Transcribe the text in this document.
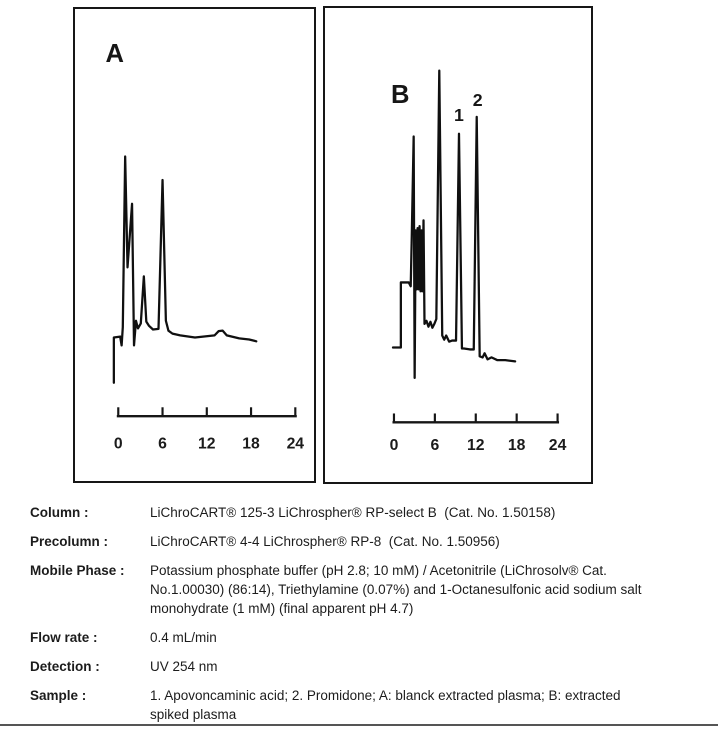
0 6 12 18 24
A
0 6 12 18 24
B
1
2
Column :	LiChroCART® 125-3 LiChrospher® RP-select B  (Cat. No. 1.50158)
Precolumn :	LiChroCART® 4-4 LiChrospher® RP-8  (Cat. No. 1.50956)
Mobile Phase :	Potassium phosphate buffer (pH 2.8; 10 mM) / Acetonitrile (LiChrosolv® Cat.
No.1.00030) (86:14), Triethylamine (0.07%) and 1-Octanesulfonic acid sodium salt
monohydrate (1 mM) (final apparent pH 4.7)
Flow rate :	0.4 mL/min
Detection :	UV 254 nm
Sample :	1. Apovoncaminic acid; 2. Promidone; A: blanck extracted plasma; B: extracted
spiked plasma
